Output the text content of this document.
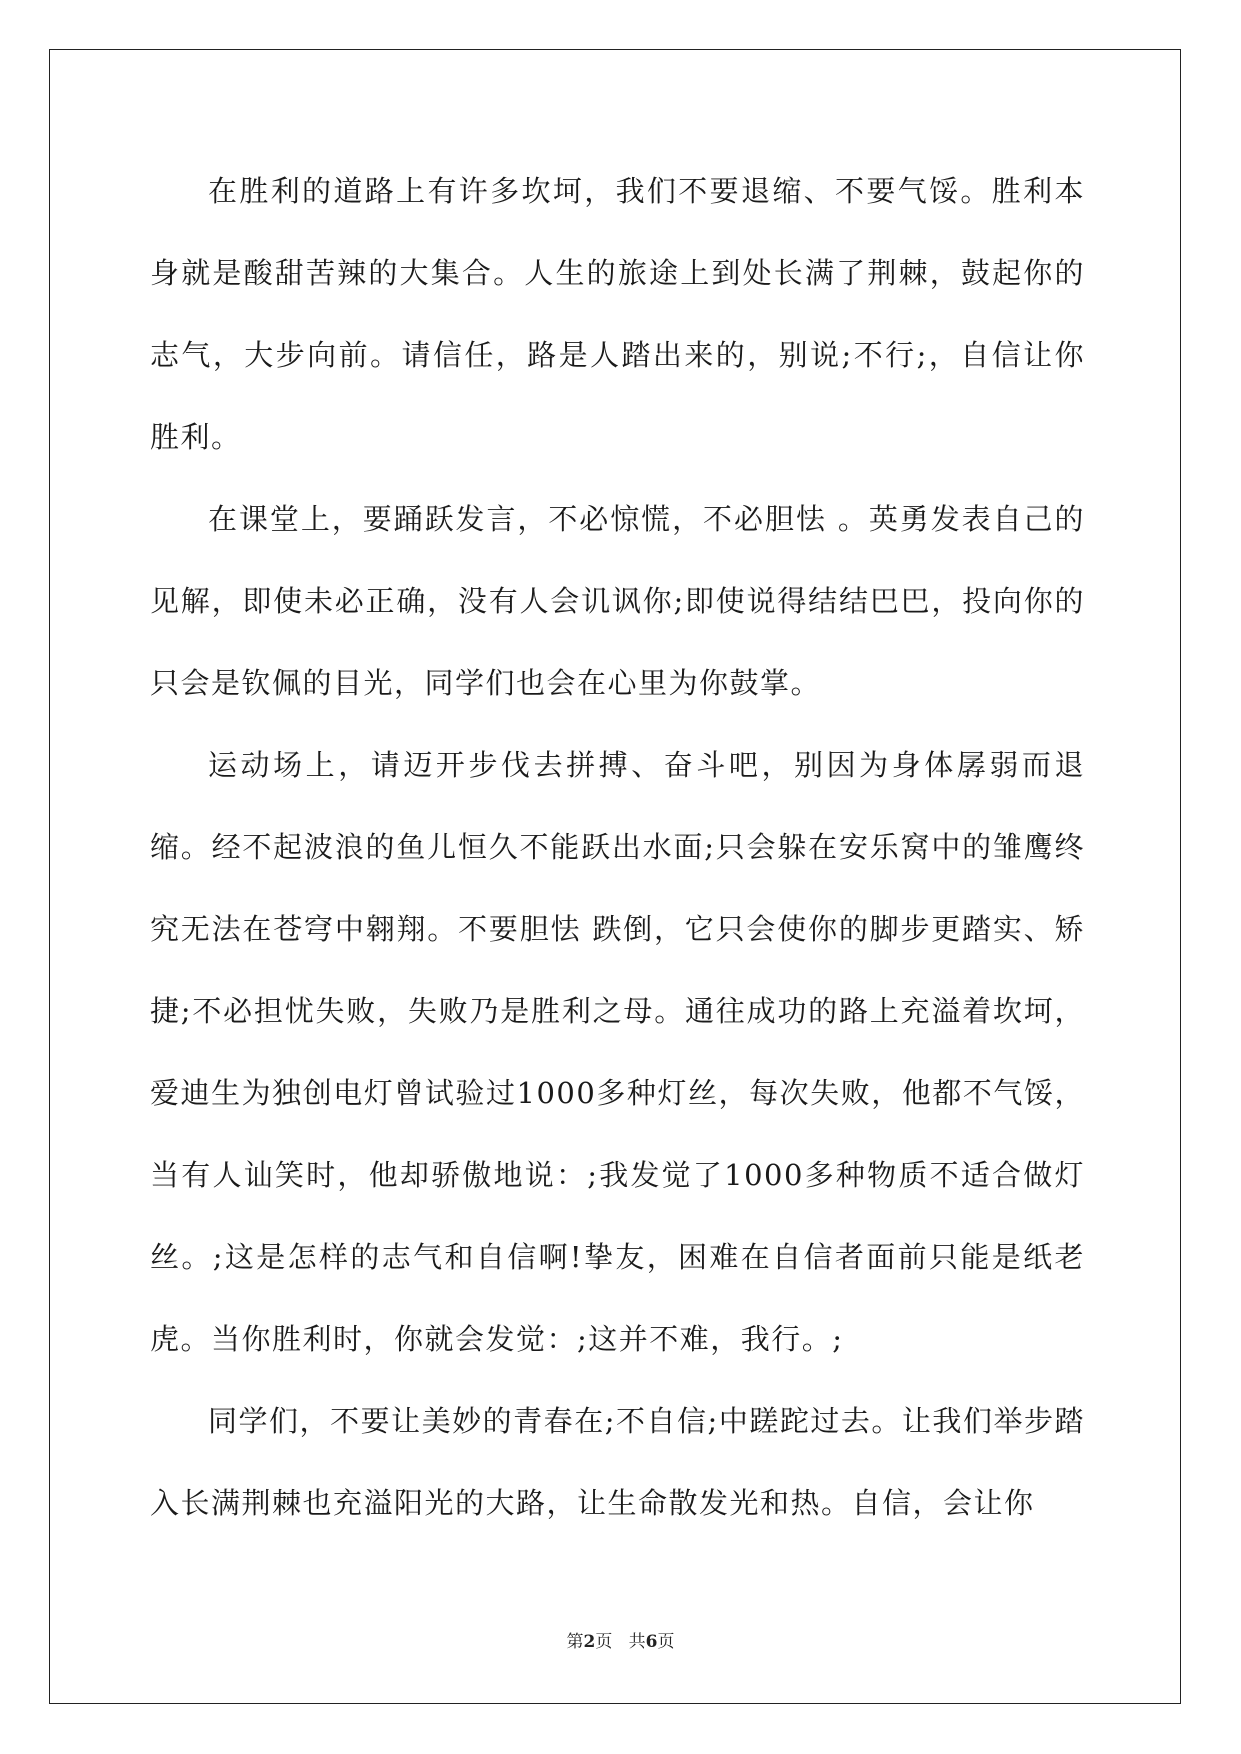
在胜利的道路上有许多坎坷，我们不要退缩、不要气馁。胜利本身就是酸甜苦辣的大集合。人生的旅途上到处长满了荆棘，鼓起你的志气，大步向前。请信任，路是人踏出来的，别说;不行;，自信让你胜利。

在课堂上，要踊跃发言，不必惊慌，不必胆怯 。英勇发表自己的见解，即使未必正确，没有人会讥讽你;即使说得结结巴巴，投向你的只会是钦佩的目光，同学们也会在心里为你鼓掌。

运动场上，请迈开步伐去拼搏、奋斗吧，别因为身体孱弱而退缩。经不起波浪的鱼儿恒久不能跃出水面;只会躲在安乐窝中的雏鹰终究无法在苍穹中翱翔。不要胆怯 跌倒，它只会使你的脚步更踏实、矫捷;不必担忧失败，失败乃是胜利之母。通往成功的路上充溢着坎坷，爱迪生为独创电灯曾试验过1000多种灯丝，每次失败，他都不气馁，当有人讪笑时，他却骄傲地说：;我发觉了1000多种物质不适合做灯丝。;这是怎样的志气和自信啊!挚友，困难在自信者面前只能是纸老虎。当你胜利时，你就会发觉：;这并不难，我行。;

同学们，不要让美妙的青春在;不自信;中蹉跎过去。让我们举步踏入长满荆棘也充溢阳光的大路，让生命散发光和热。自信，会让你

第2页   共6页
